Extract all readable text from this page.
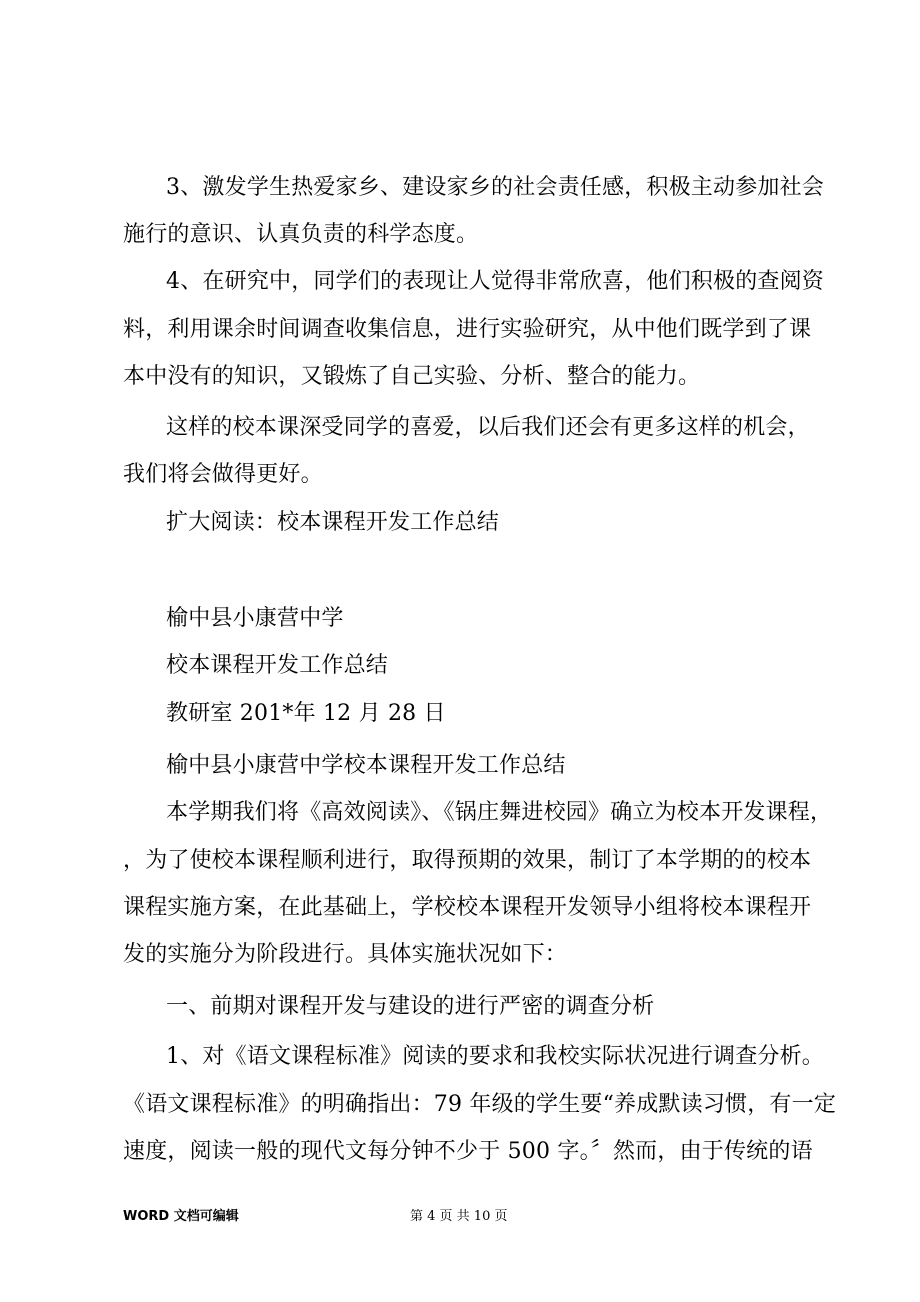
3、激发学生热爱家乡、建设家乡的社会责任感，积极主动参加社会
施行的意识、认真负责的科学态度。
4、在研究中，同学们的表现让人觉得非常欣喜，他们积极的查阅资
料，利用课余时间调查收集信息，进行实验研究，从中他们既学到了课
本中没有的知识，又锻炼了自己实验、分析、整合的能力。
这样的校本课深受同学的喜爱，以后我们还会有更多这样的机会，
我们将会做得更好。
扩大阅读：校本课程开发工作总结
榆中县小康营中学
校本课程开发工作总结
教研室 201*年 12 月 28 日
榆中县小康营中学校本课程开发工作总结
本学期我们将《高效阅读》、《锅庄舞进校园》确立为校本开发课程，
，为了使校本课程顺利进行，取得预期的效果，制订了本学期的的校本
课程实施方案，在此基础上，学校校本课程开发领导小组将校本课程开
发的实施分为阶段进行。具体实施状况如下：
一、前期对课程开发与建设的进行严密的调查分析
1、对《语文课程标准》阅读的要求和我校实际状况进行调查分析。
《语文课程标准》的明确指出：79 年级的学生要“养成默读习惯，有一定
速度，阅读一般的现代文每分钟不少于 500 字。〞然而，由于传统的语
WORD 文档可编辑	第 4 页 共 10 页
